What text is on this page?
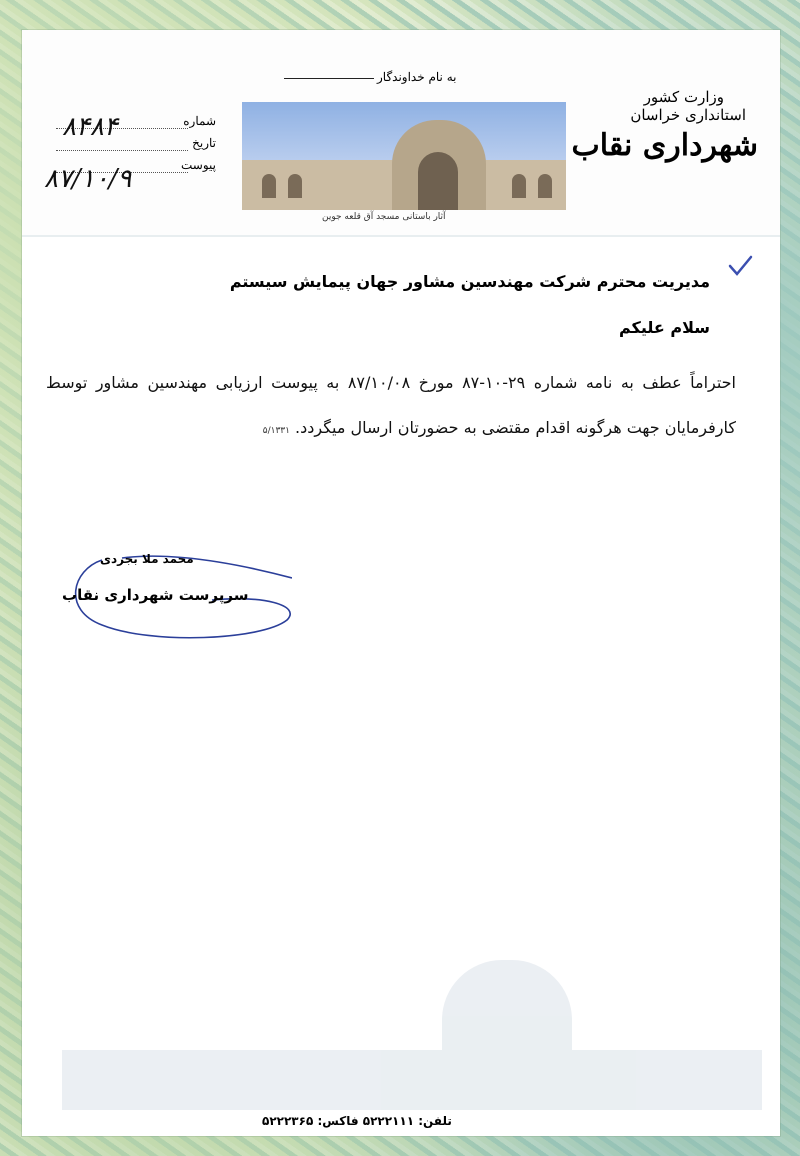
به نام خداوندگار
آثار باستانی مسجد آق قلعه جوین
وزارت کشور
استانداری خراسان
شهرداری نقاب
شماره
تاریخ
پیوست
۸۴۸۴
۸۷/۱۰/۹
مدیریت محترم شرکت مهندسین مشاور جهان پیمایش سیستم
سلام علیکم
احتراماً عطف به نامه شماره ۲۹-۱۰-۸۷ مورخ ۸۷/۱۰/۰۸ به پیوست ارزیابی مهندسین مشاور توسط کارفرمایان جهت هرگونه اقدام مقتضی به حضورتان ارسال میگردد. ۵/۱۳۳۱
محمد ملا بجردی
سرپرست شهرداری نقاب
تلفن: ۵۲۲۲۱۱۱ فاکس: ۵۲۲۲۳۶۵
